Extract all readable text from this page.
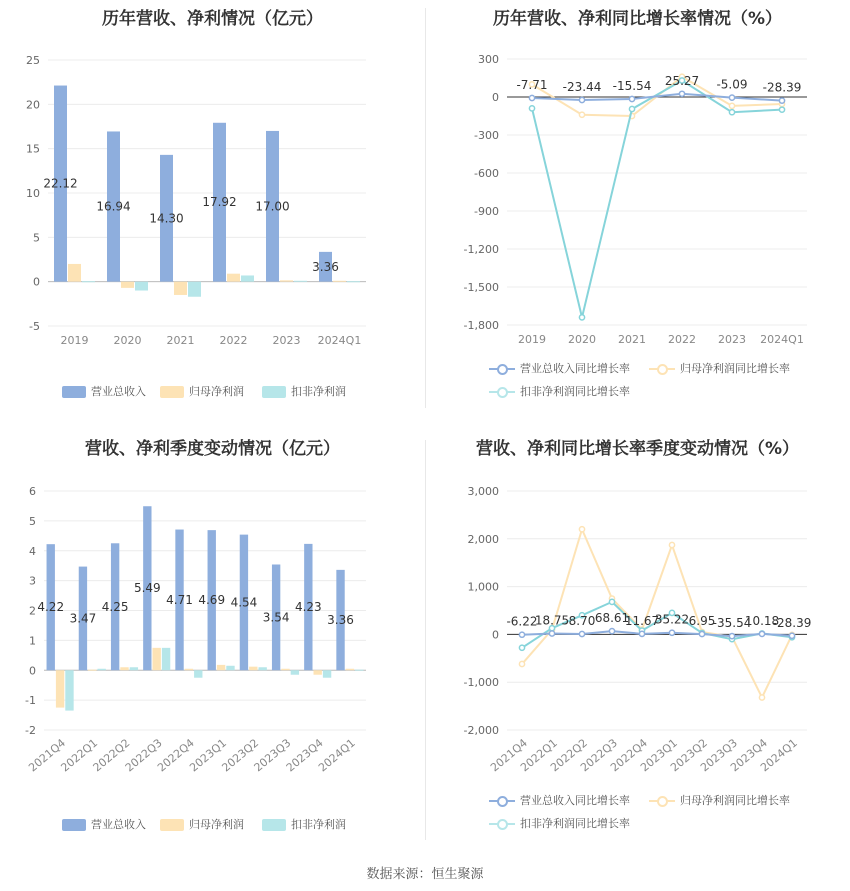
历年营收、净利情况（亿元）
25
20
15
10
5
0
-5
22.12
2019
16.94
2020
14.30
2021
17.92
2022
17.00
2023
3.36
2024Q1
营业总收入	归母净利润	扣非净利润
历年营收、净利同比增长率情况（%）
300
0
-300
-600
-900
-1,200
-1,500
-1,800
-7.71 -23.44 -15.54 25.27 -5.09 -28.39
2019 2020 2021 2022 2023 2024Q1
营业总收入同比增长率	归母净利润同比增长率
扣非净利润同比增长率
营收、净利季度变动情况（亿元）
6
5
4
3
2
1
0
-1
-2
4.22
2021Q4
3.47
2022Q1
4.25
2022Q2
5.49
2022Q3
4.71
2022Q4
4.69
2023Q1
4.54
2023Q2
3.54
2023Q3
4.23
2023Q4
3.36
2024Q1
营业总收入	归母净利润	扣非净利润
营收、净利同比增长率季度变动情况（%）
3,000
2,000
1,000
0
-1,000
-2,000
-6.22
18.75 8.70 68.61
11.67
35.22 6.95
-35.54
10.18
-28.39
2021Q4
2022Q1
2022Q2
2022Q3
2022Q4
2023Q1
2023Q2
2023Q3
2023Q4
2024Q1
营业总收入同比增长率	归母净利润同比增长率
扣非净利润同比增长率
数据来源：恒生聚源
